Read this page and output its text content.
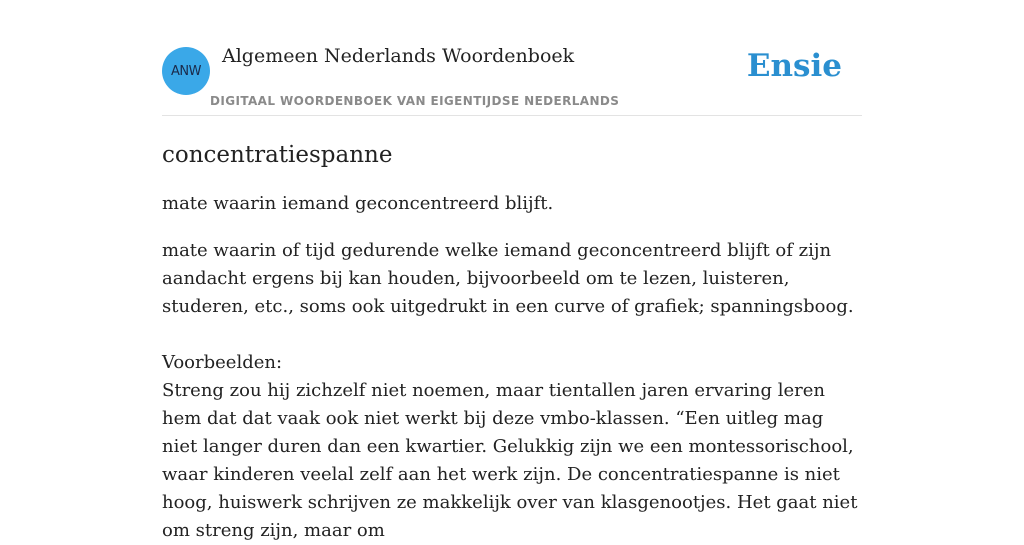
ANW
Algemeen Nederlands Woordenboek
DIGITAAL WOORDENBOEK VAN EIGENTIJDSE NEDERLANDS
Ensie
concentratiespanne

mate waarin iemand geconcentreerd blijft.

mate waarin of tijd gedurende welke iemand geconcentreerd blijft of zijn aandacht ergens bij kan houden, bijvoorbeeld om te lezen, luisteren, studeren, etc., soms ook uitgedrukt in een curve of grafiek; spanningsboog.

Voorbeelden:

Streng zou hij zichzelf niet noemen, maar tientallen jaren ervaring leren hem dat dat vaak ook niet werkt bij deze vmbo-klassen. “Een uitleg mag niet langer duren dan een kwartier. Gelukkig zijn we een montessorischool, waar kinderen veelal zelf aan het werk zijn. De concentratiespanne is niet hoog, huiswerk schrijven ze makkelijk over van klasgenootjes. Het gaat niet om streng zijn, maar om
